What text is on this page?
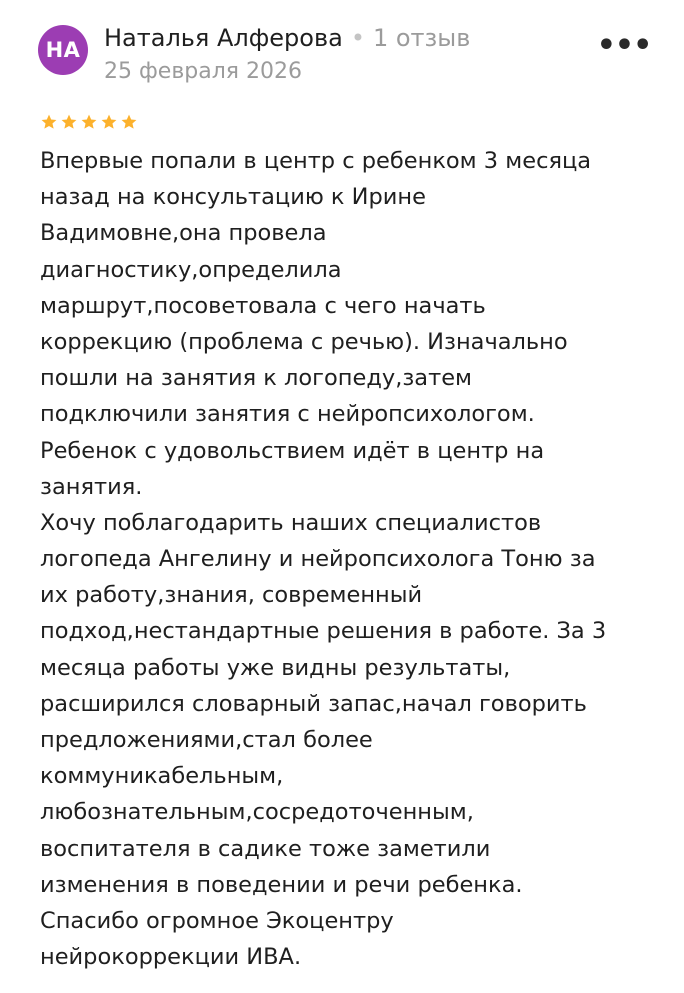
НА Наталья Алферова • 1 отзыв
25 февраля 2026
•••
Впервые попали в центр с ребенком 3 месяца
назад на консультацию к Ирине
Вадимовне,она провела
диагностику,определила
маршрут,посоветовала с чего начать
коррекцию (проблема с речью). Изначально
пошли на занятия к логопеду,затем
подключили занятия с нейропсихологом.
Ребенок с удовольствием идёт в центр на
занятия.
Хочу поблагодарить наших специалистов
логопеда Ангелину и нейропсихолога Тоню за
их работу,знания, современный
подход,нестандартные решения в работе. За 3
месяца работы уже видны результаты,
расширился словарный запас,начал говорить
предложениями,стал более
коммуникабельным,
любознательным,сосредоточенным,
воспитателя в садике тоже заметили
изменения в поведении и речи ребенка.
Спасибо огромное Экоцентру
нейрокоррекции ИВА.
